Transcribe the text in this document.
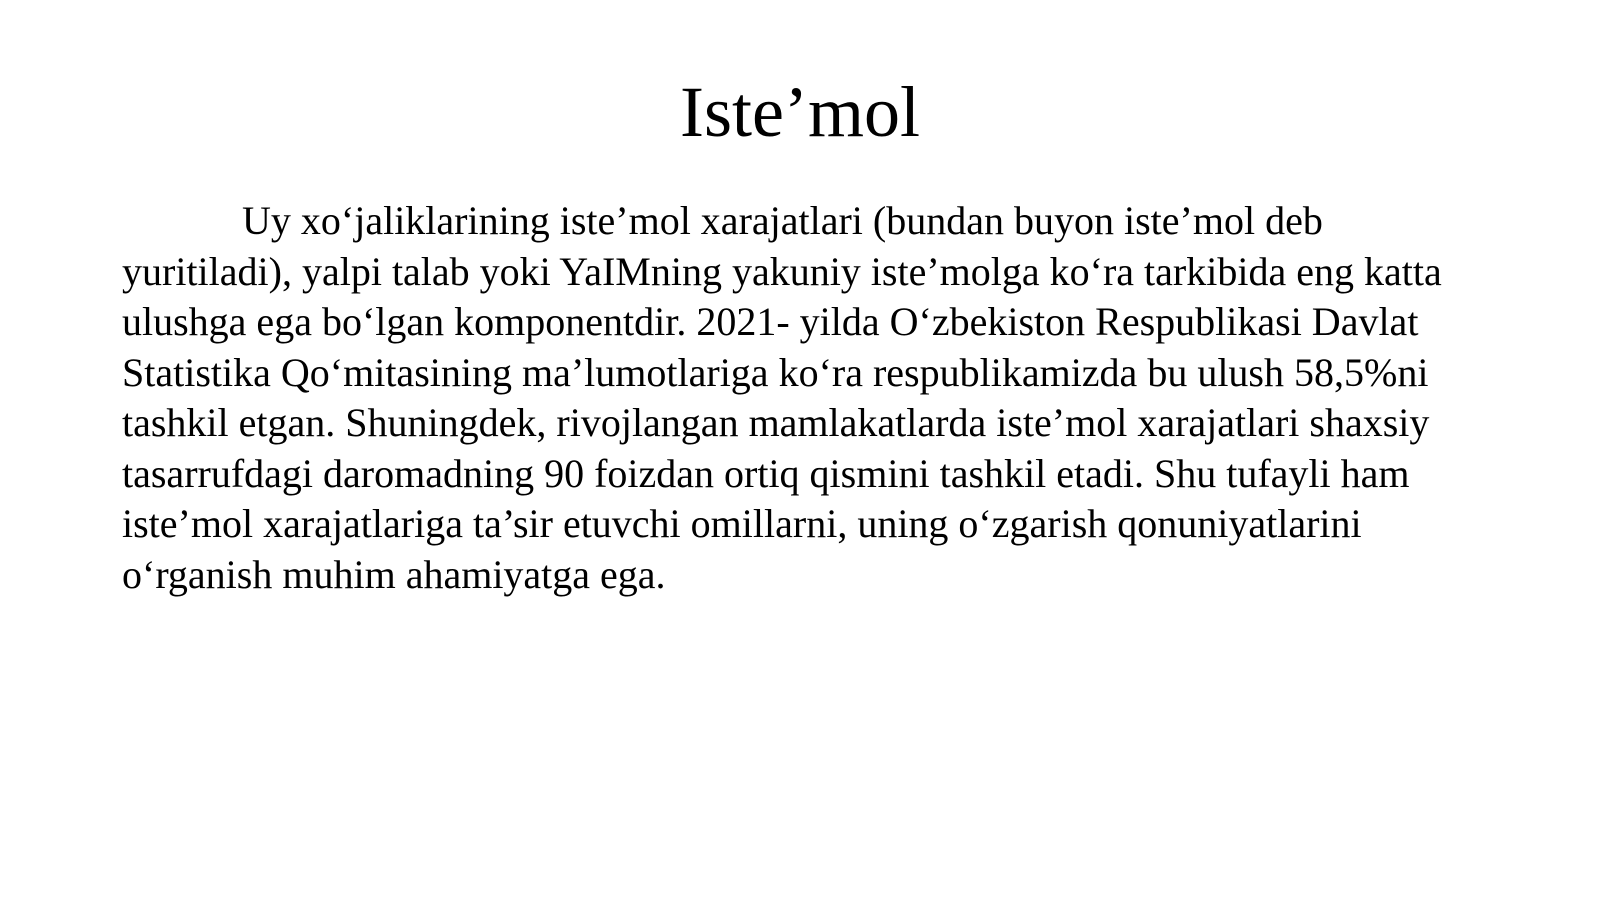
Iste’mol

Uy xo‘jaliklarining iste’mol xarajatlari (bundan buyon iste’mol deb yuritiladi), yalpi talab yoki YaIMning yakuniy iste’molga ko‘ra tarkibida eng katta ulushga ega bo‘lgan komponentdir. 2021- yilda O‘zbekiston Respublikasi Davlat Statistika Qo‘mitasining ma’lumotlariga ko‘ra respublikamizda bu ulush 58,5%ni tashkil etgan. Shuningdek, rivojlangan mamlakatlarda iste’mol xarajatlari shaxsiy tasarrufdagi daromadning 90 foizdan ortiq qismini tashkil etadi. Shu tufayli ham iste’mol xarajatlariga ta’sir etuvchi omillarni, uning o‘zgarish qonuniyatlarini o‘rganish muhim ahamiyatga ega.
